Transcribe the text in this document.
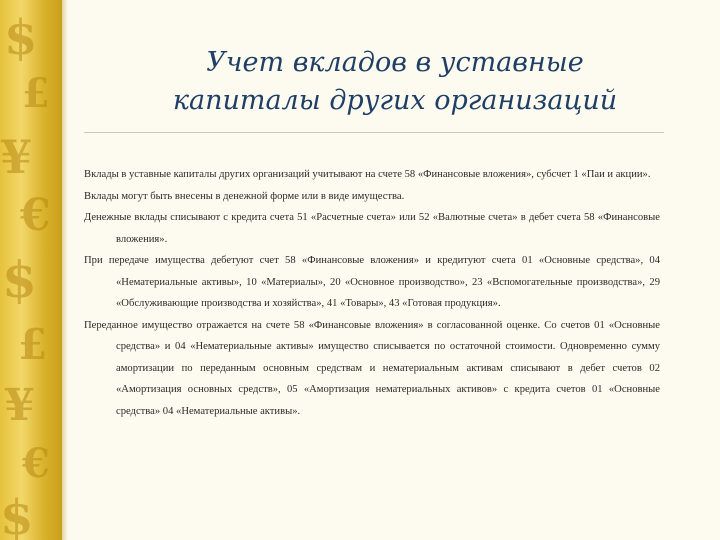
$
£
¥
€
$
£
¥
€
$
Учет вкладов в уставные
капиталы других организаций

Вклады в уставные капиталы других организаций учитывают на счете 58 «Финансовые вложения», субсчет 1 «Паи и акции».

Вклады могут быть внесены в денежной форме или в виде имущества.

Денежные вклады списывают с кредита счета 51 «Расчетные счета» или 52 «Валютные счета» в дебет счета 58 «Финансовые вложения».

При передаче имущества дебетуют счет 58 «Финансовые вложения» и кредитуют счета 01 «Основные средства», 04 «Нематериальные активы», 10 «Материалы», 20 «Основное производство», 23 «Вспомогательные производства», 29 «Обслуживающие производства и хозяйства», 41 «Товары», 43 «Готовая продукция».

Переданное имущество отражается на счете 58 «Финансовые вложения» в согласованной оценке. Со счетов 01 «Основные средства» и 04 «Нематериальные активы» имущество списывается по остаточной стоимости. Одновременно сумму амортизации по переданным основным средствам и нематериальным активам списывают в дебет счетов 02 «Амортизация основных средств», 05 «Амортизация нематериальных активов» с кредита счетов 01 «Основные средства» 04 «Нематериальные активы».
